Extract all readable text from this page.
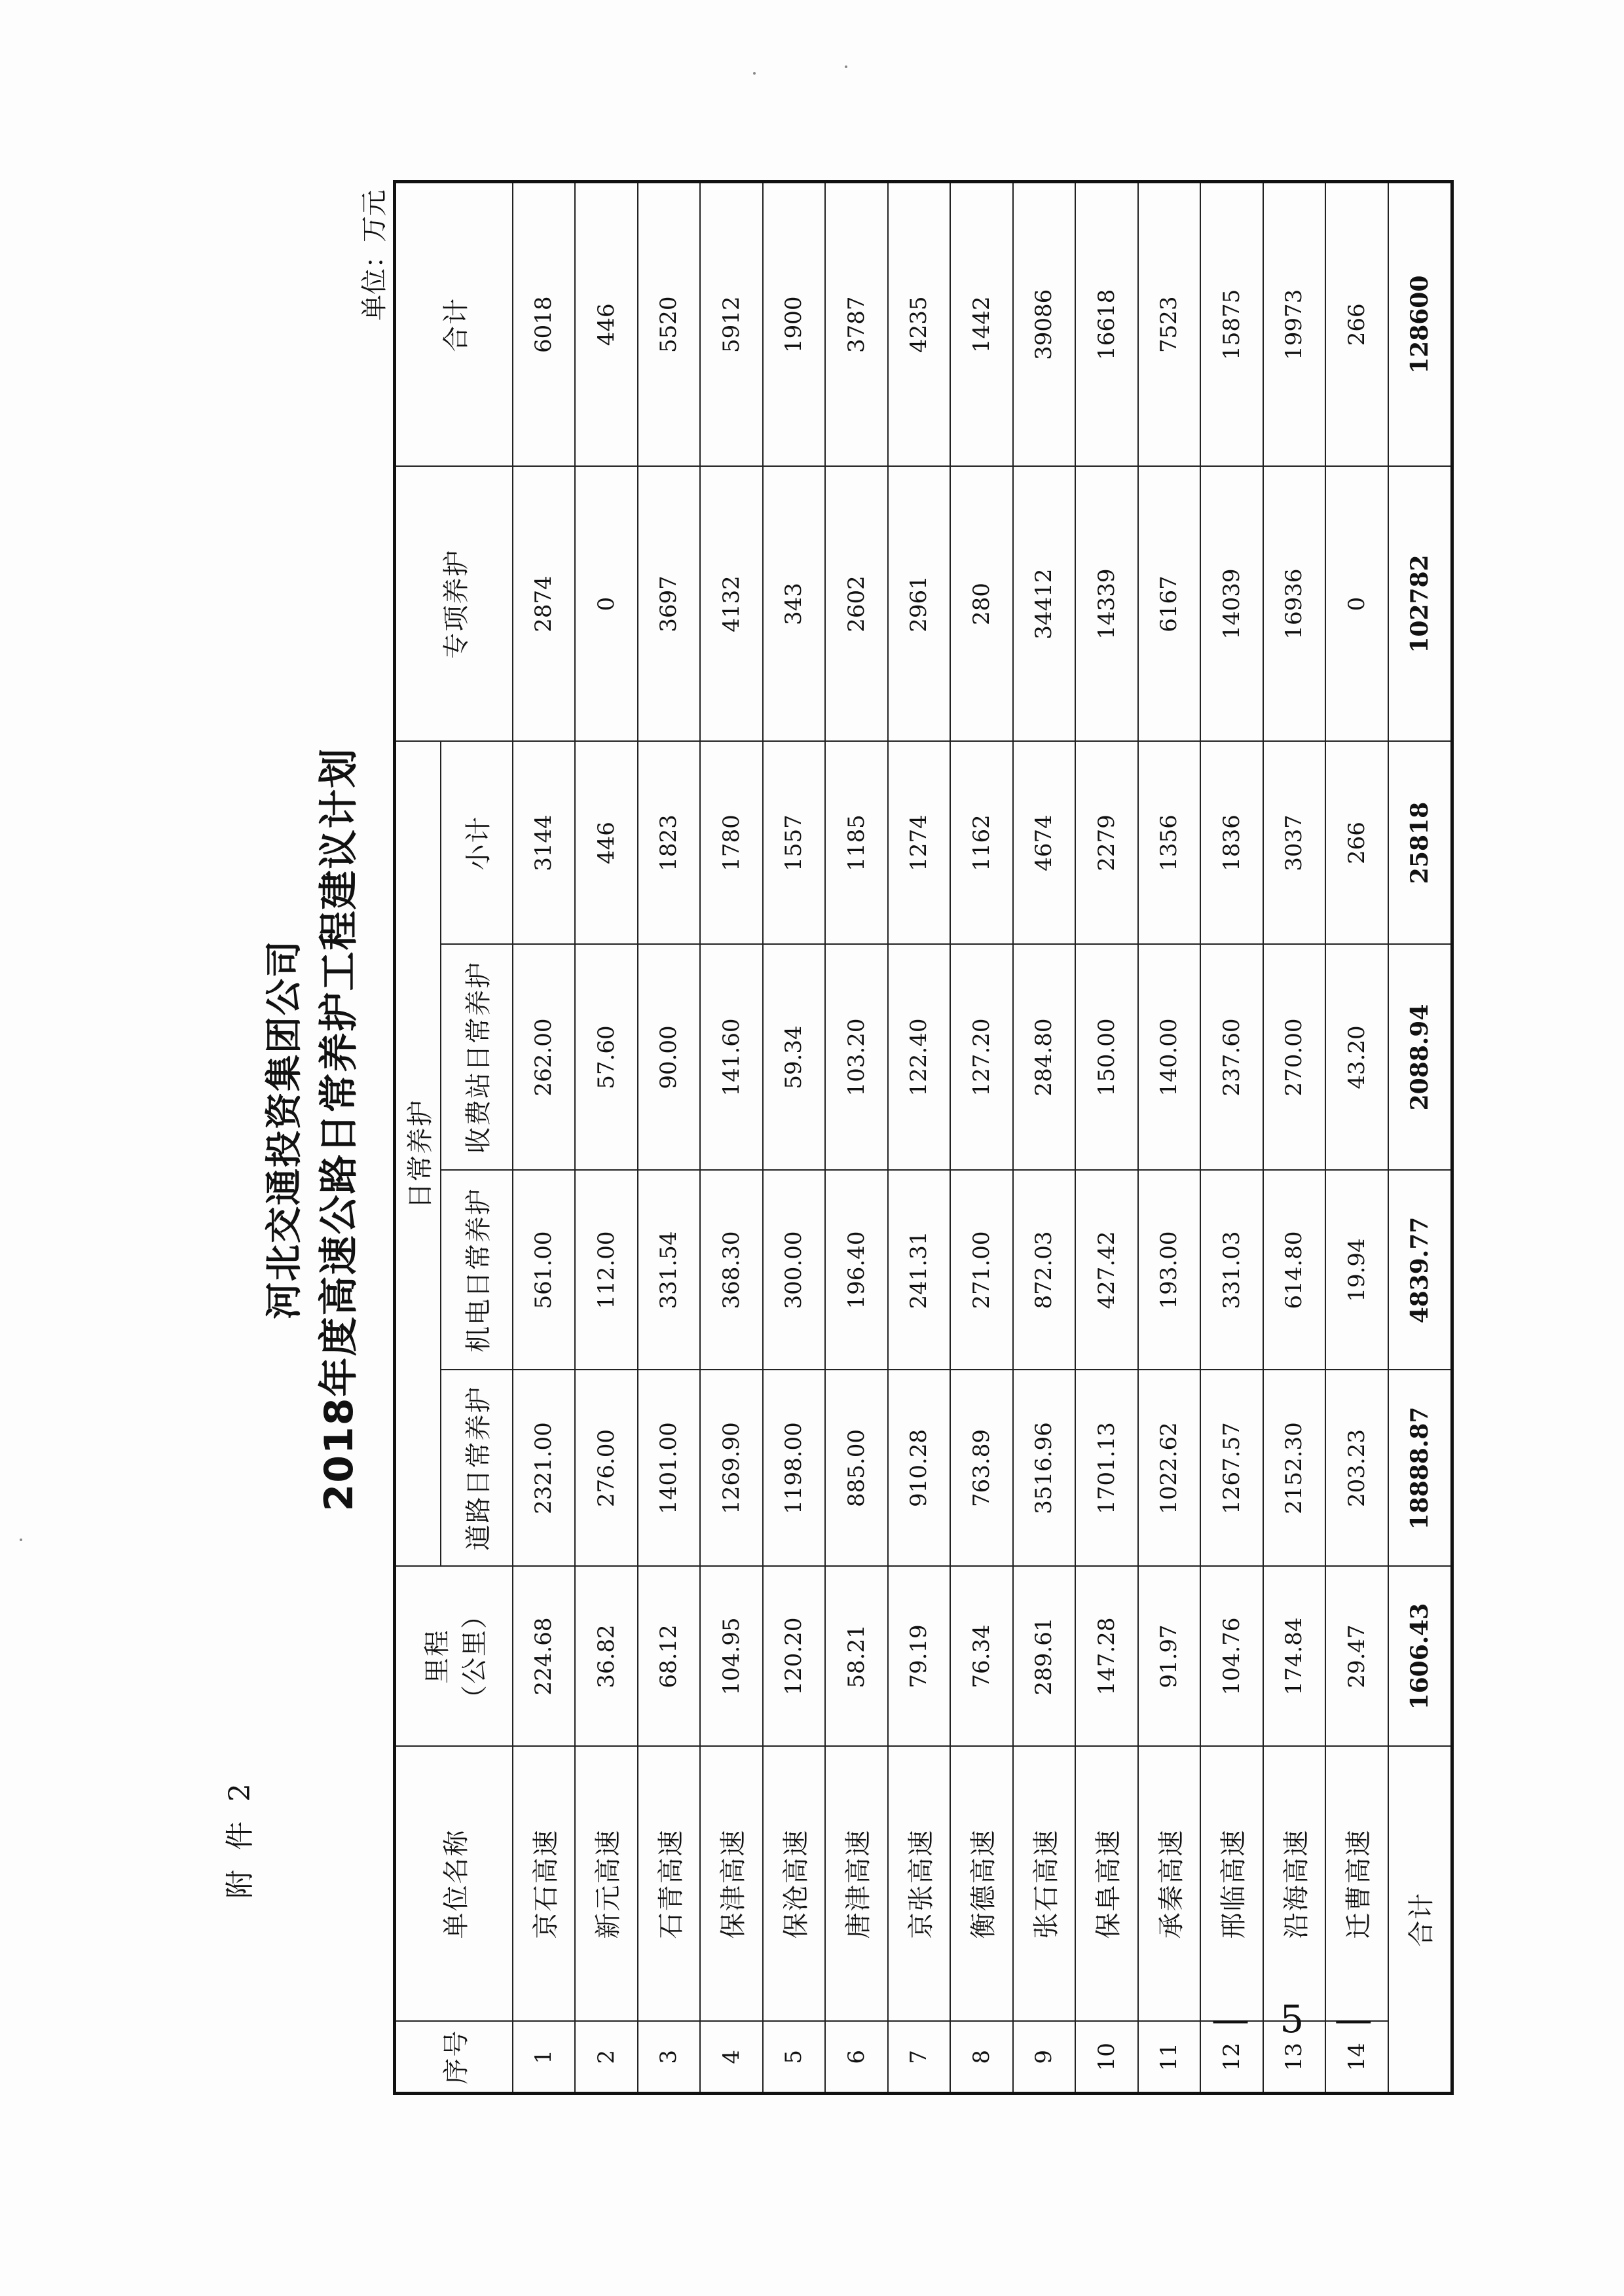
附 件 2
河北交通投资集团公司 2018年度高速公路日常养护工程建议计划
单位：万元
序号	单位名称	里程 （公里）	日常养护				专项养护	合计
			道路日常养护	机电日常养护	收费站日常养护	小计		
1	京石高速	224.68	2321.00	561.00	262.00	3144	2874	6018
2	新元高速	36.82	276.00	112.00	57.60	446	0	446
3	石青高速	68.12	1401.00	331.54	90.00	1823	3697	5520
4	保津高速	104.95	1269.90	368.30	141.60	1780	4132	5912
5	保沧高速	120.20	1198.00	300.00	59.34	1557	343	1900
6	唐津高速	58.21	885.00	196.40	103.20	1185	2602	3787
7	京张高速	79.19	910.28	241.31	122.40	1274	2961	4235
8	衡德高速	76.34	763.89	271.00	127.20	1162	280	1442
9	张石高速	289.61	3516.96	872.03	284.80	4674	34412	39086
10	保阜高速	147.28	1701.13	427.42	150.00	2279	14339	16618
11	承秦高速	91.97	1022.62	193.00	140.00	1356	6167	7523
12	邢临高速	104.76	1267.57	331.03	237.60	1836	14039	15875
13	沿海高速	174.84	2152.30	614.80	270.00	3037	16936	19973
14	迁曹高速	29.47	203.23	19.94	43.20	266	0	266
合计		1606.43	18888.87	4839.77	2088.94	25818	102782	128600
— 5 —
